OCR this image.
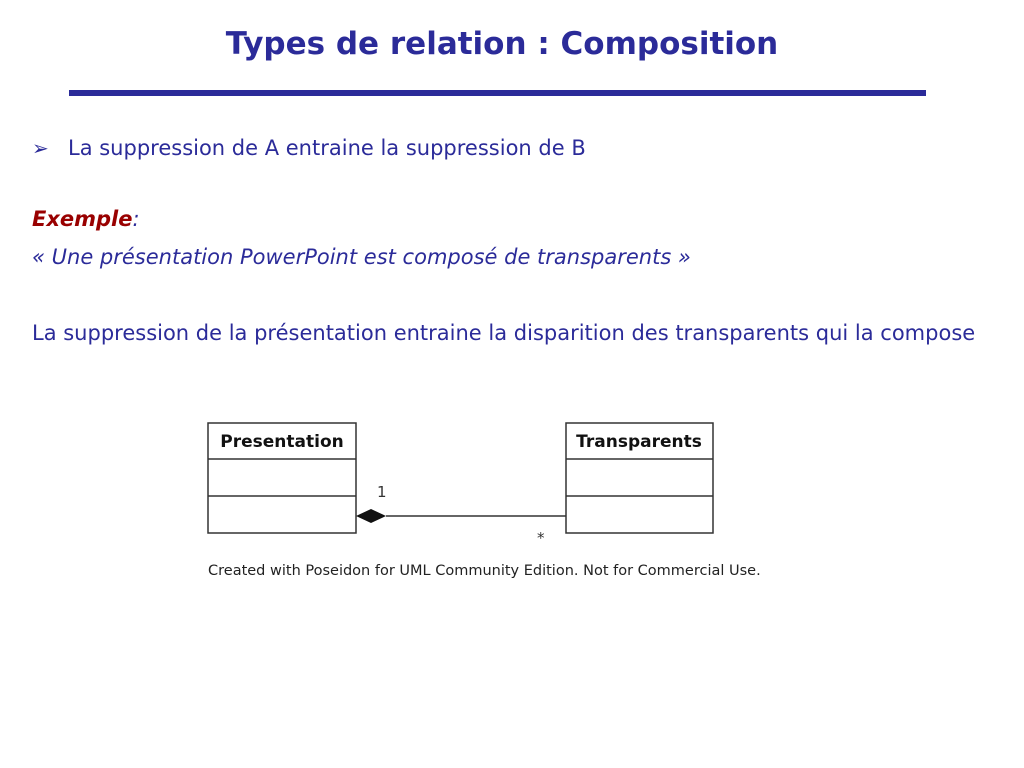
Types de relation : Composition
➢ La suppression de A entraine la suppression de B
Exemple:
« Une présentation PowerPoint est composé de transparents »
La suppression de la présentation entraine la disparition des transparents qui la compose
Presentation	Transparents
1
*
Created with Poseidon for UML Community Edition. Not for Commercial Use.
